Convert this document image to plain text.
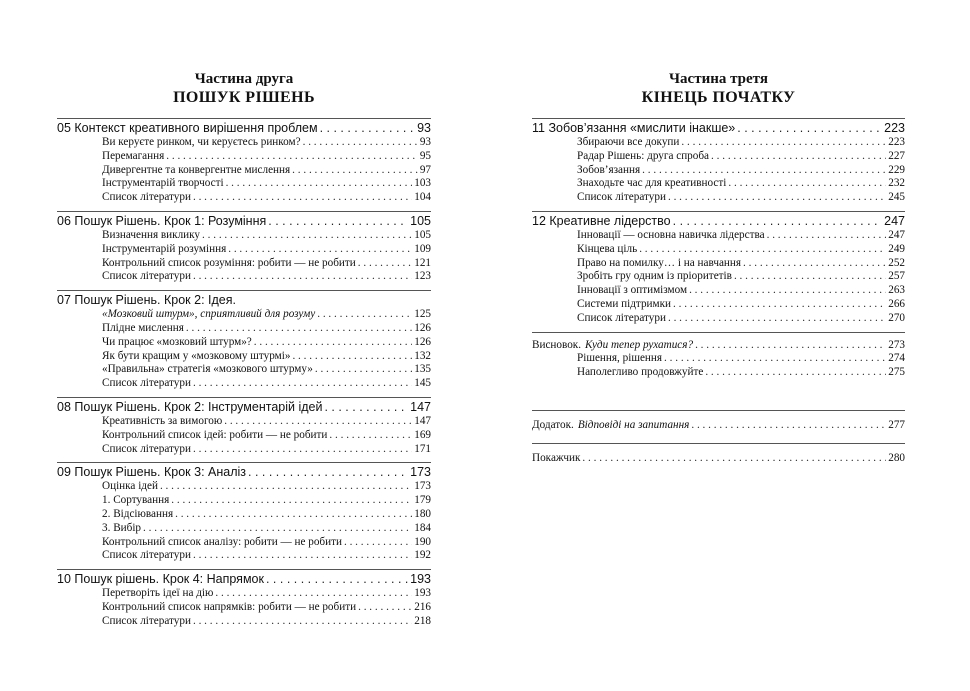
Частина друга
ПОШУК РІШЕНЬ
05 Контекст креативного вирішення проблем . . .	93
Ви керуєте ринком, чи керуєтесь ринком? . . .	93
Перемагання . . .	95
Дивергентне та конвергентне мислення . . .	97
Інструментарій творчості . . .	103
Список літератури . . .	104
06 Пошук Рішень. Крок 1: Розуміння . . .	105
Визначення виклику . . .	105
Інструментарій розуміння . . .	109
Контрольний список розуміння: робити — не робити . . .	121
Список літератури . . .	123
07 Пошук Рішень. Крок 2: Ідея.
«Мозковий штурм», сприятливий для розуму . . .	125
Плідне мислення . . .	126
Чи працює «мозковий штурм»? . . .	126
Як бути кращим у «мозковому штурмі» . . .	132
«Правильна» стратегія «мозкового штурму» . . .	135
Список літератури . . .	145
08 Пошук Рішень. Крок 2: Інструментарій ідей . . .	147
Креативність за вимогою . . .	147
Контрольний список ідей: робити — не робити . . .	169
Список літератури . . .	171
09 Пошук Рішень. Крок 3: Аналіз . . .	173
Оцінка ідей . . .	173
1. Сортування . . .	179
2. Відсіювання . . .	180
3. Вибір . . .	184
Контрольний список аналізу: робити — не робити . . .	190
Список літератури . . .	192
10 Пошук рішень. Крок 4: Напрямок . . .	193
Перетворіть ідеї на дію . . .	193
Контрольний список напрямків: робити — не робити . . .	216
Список літератури . . .	218
Частина третя
КІНЕЦЬ ПОЧАТКУ
11 Зобов’язання «мислити інакше» . . .	223
Збираючи все докупи . . .	223
Радар Рішень: друга спроба . . .	227
Зобов’язання . . .	229
Знаходьте час для креативності . . .	232
Список літератури . . .	245
12 Креативне лідерство . . .	247
Інновації — основна навичка лідерства . . .	247
Кінцева ціль . . .	249
Право на помилку… і на навчання . . .	252
Зробіть гру одним із пріоритетів . . .	257
Інновації з оптимізмом . . .	263
Системи підтримки . . .	266
Список літератури . . .	270
Висновок. Куди тепер рухатися? . . .	273
Рішення, рішення . . .	274
Наполегливо продовжуйте . . .	275
Додаток. Відповіді на запитання . . .	277
Покажчик . . .	280
